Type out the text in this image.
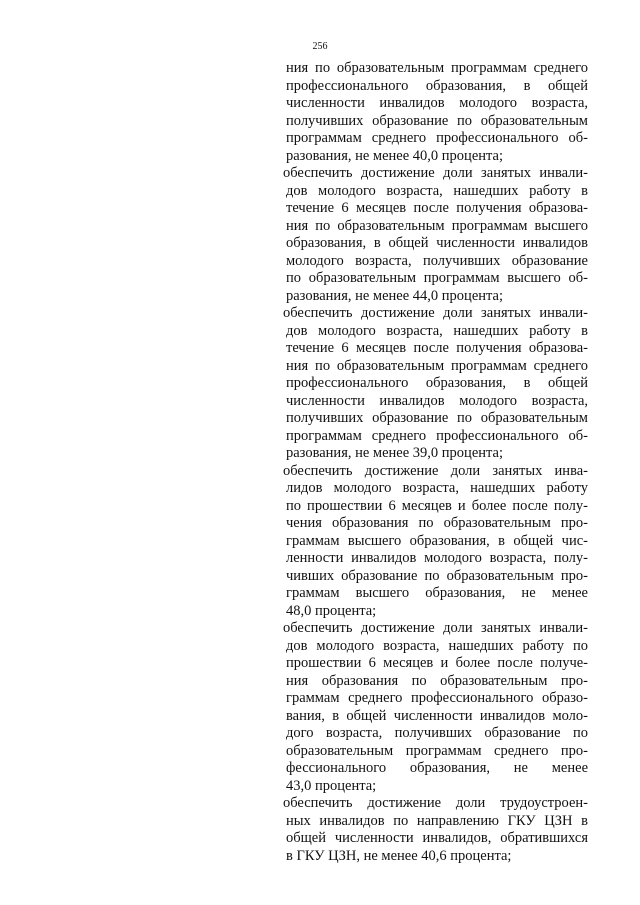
256
ния по образовательным программам среднего
профессионального образования, в общей
численности инвалидов молодого возраста,
получивших образование по образовательным
программам среднего профессионального об-
разования, не менее 40,0 процента;
обеспечить достижение доли занятых инвали-
дов молодого возраста, нашедших работу в
течение 6 месяцев после получения образова-
ния по образовательным программам высшего
образования, в общей численности инвалидов
молодого возраста, получивших образование
по образовательным программам высшего об-
разования, не менее 44,0 процента;
обеспечить достижение доли занятых инвали-
дов молодого возраста, нашедших работу в
течение 6 месяцев после получения образова-
ния по образовательным программам среднего
профессионального образования, в общей
численности инвалидов молодого возраста,
получивших образование по образовательным
программам среднего профессионального об-
разования, не менее 39,0 процента;
обеспечить достижение доли занятых инва-
лидов молодого возраста, нашедших работу
по прошествии 6 месяцев и более после полу-
чения образования по образовательным про-
граммам высшего образования, в общей чис-
ленности инвалидов молодого возраста, полу-
чивших образование по образовательным про-
граммам высшего образования, не менее
48,0 процента;
обеспечить достижение доли занятых инвали-
дов молодого возраста, нашедших работу по
прошествии 6 месяцев и более после получе-
ния образования по образовательным про-
граммам среднего профессионального образо-
вания, в общей численности инвалидов моло-
дого возраста, получивших образование по
образовательным программам среднего про-
фессионального образования, не менее
43,0 процента;
обеспечить достижение доли трудоустроен-
ных инвалидов по направлению ГКУ ЦЗН в
общей численности инвалидов, обратившихся
в ГКУ ЦЗН, не менее 40,6 процента;
